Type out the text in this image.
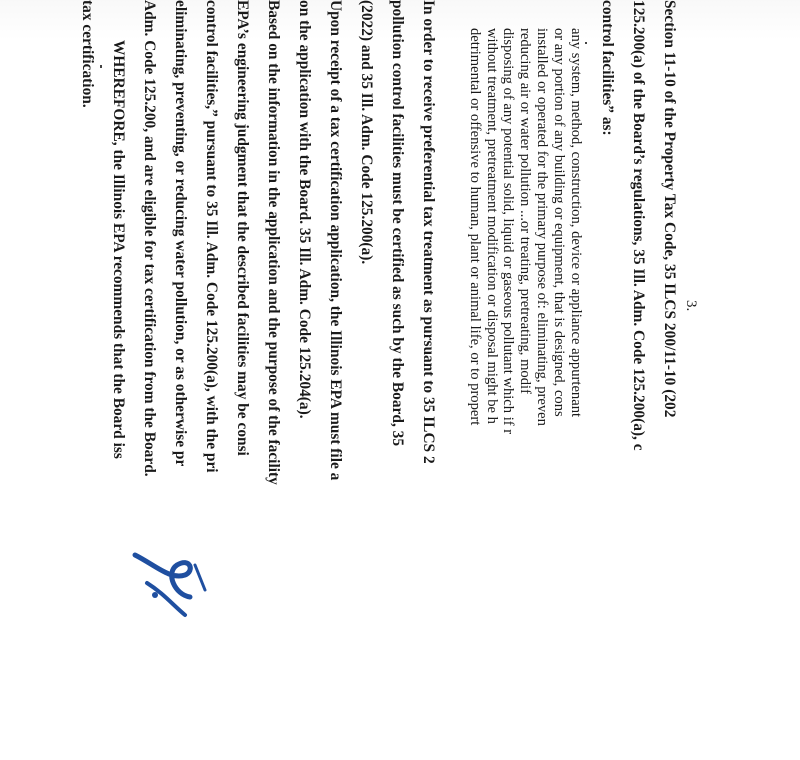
3.
Section 11-10 of the Property Tax Code, 35 ILCS 200/11-10 (202
125.200(a) of the Board’s regulations, 35 Ill. Adm. Code 125.200(a), c
control facilities” as:
any system, method, construction, device or appliance appurtenant
or any portion of any building or equipment, that is designed, cons
installed or operated for the primary purpose of: eliminating, preven
reducing air or water pollution ...or treating, pretreating, modif
disposing of any potential solid, liquid or gaseous pollutant which if r
without treatment, pretreatment modification or disposal might be h
detrimental or offensive to human, plant or animal life, or to propert
In order to receive preferential tax treatment as pursuant to 35 ILCS 2
pollution control facilities must be certified as such by the Board, 35
(2022) and 35 Ill. Adm. Code 125.200(a).
Upon receipt of a tax certification application, the Illinois EPA must file a
on the application with the Board. 35 Ill. Adm. Code 125.204(a).
Based on the information in the application and the purpose of the facility
EPA’s engineering judgment that the described facilities may be consi
control facilities,” pursuant to 35 Ill. Adm. Code 125.200(a), with the pri
eliminating, preventing, or reducing water pollution, or as otherwise pr
Adm. Code 125.200, and are eligible for tax certification from the Board.
WHEREFORE, the Illinois EPA recommends that the Board iss
tax certification.
